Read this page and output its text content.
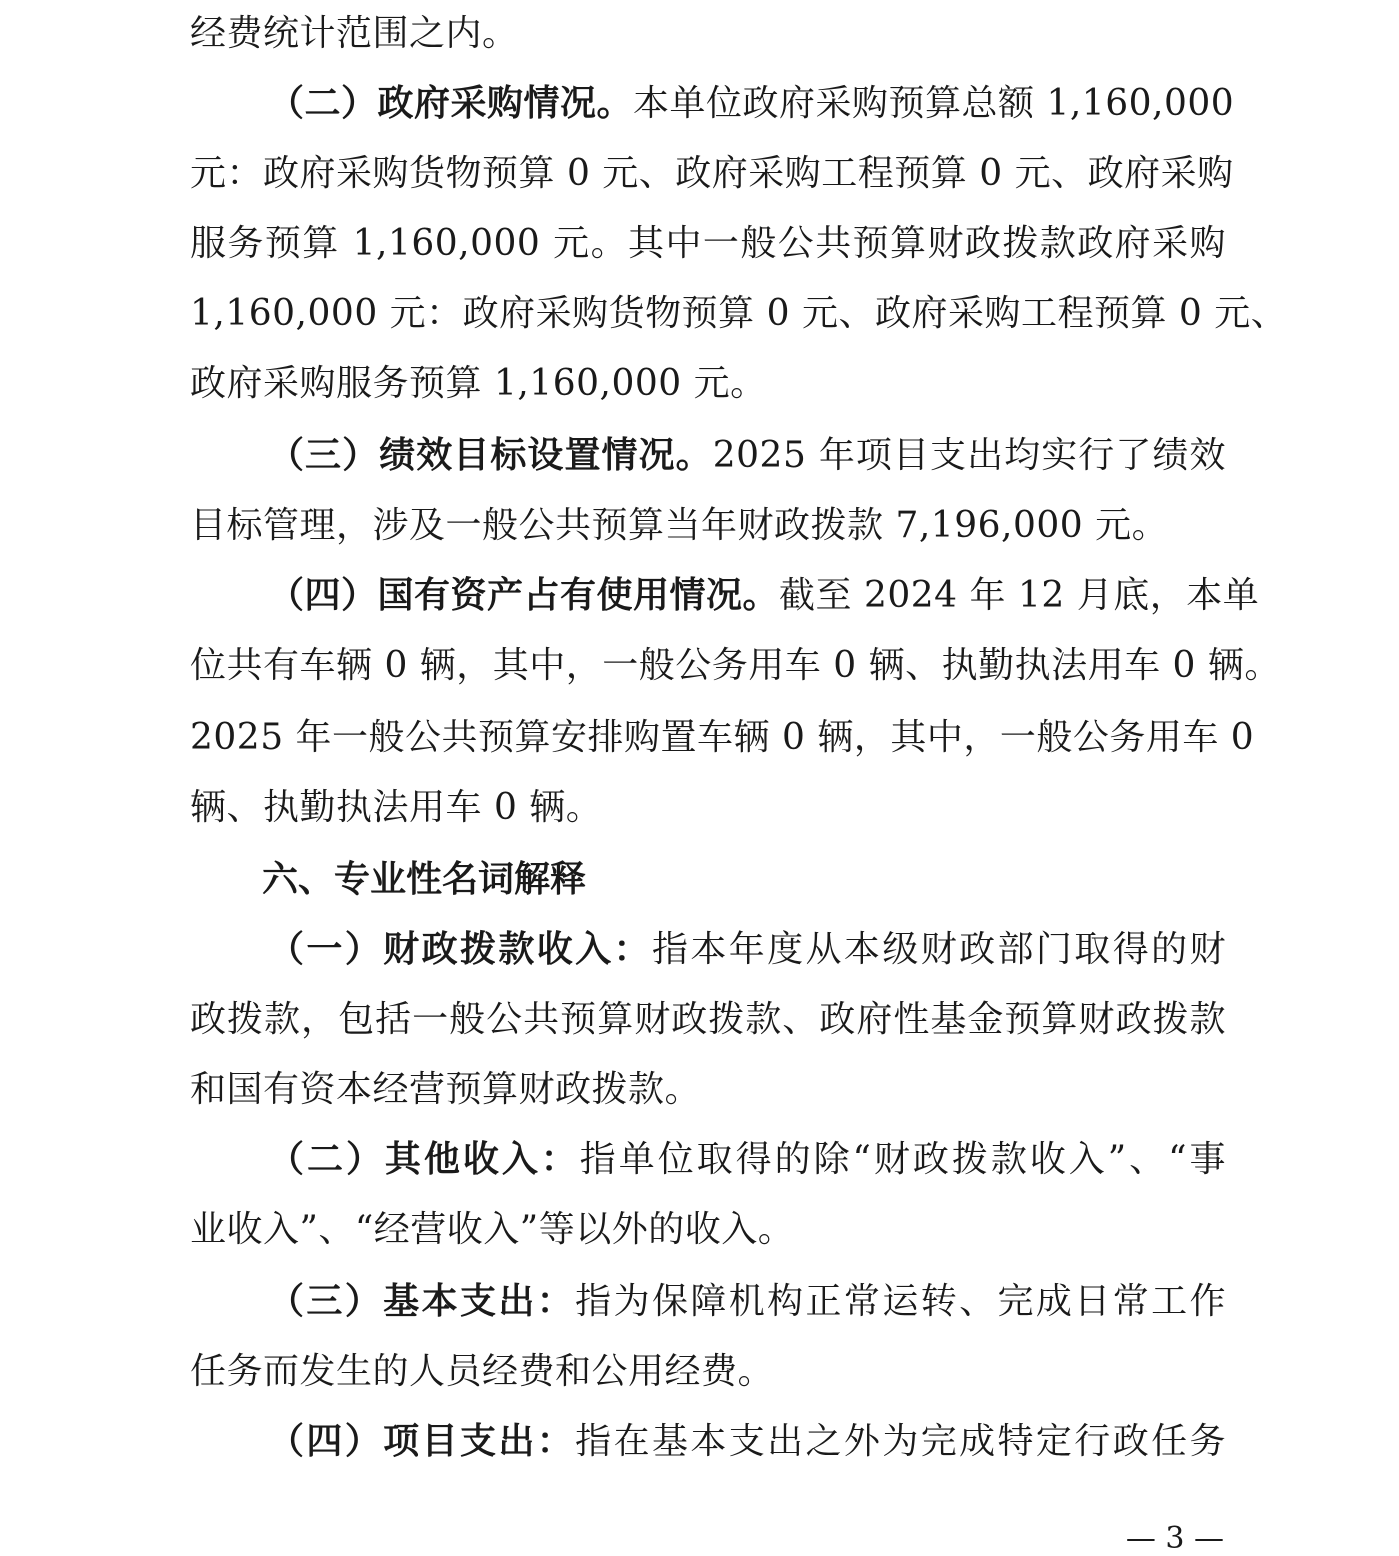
经费统计范围之内。
（二）政府采购情况。本单位政府采购预算总额 1,160,000
元：政府采购货物预算 0 元、政府采购工程预算 0 元、政府采购
服务预算 1,160,000 元。其中一般公共预算财政拨款政府采购
1,160,000 元：政府采购货物预算 0 元、政府采购工程预算 0 元、
政府采购服务预算 1,160,000 元。
（三）绩效目标设置情况。2025 年项目支出均实行了绩效
目标管理，涉及一般公共预算当年财政拨款 7,196,000 元。
（四）国有资产占有使用情况。截至 2024 年 12 月底，本单
位共有车辆 0 辆，其中，一般公务用车 0 辆、执勤执法用车 0 辆。
2025 年一般公共预算安排购置车辆 0 辆，其中，一般公务用车 0
辆、执勤执法用车 0 辆。
六、专业性名词解释
（一）财政拨款收入：指本年度从本级财政部门取得的财
政拨款，包括一般公共预算财政拨款、政府性基金预算财政拨款
和国有资本经营预算财政拨款。
（二）其他收入：指单位取得的除“财政拨款收入”、“事
业收入”、“经营收入”等以外的收入。
（三）基本支出：指为保障机构正常运转、完成日常工作
任务而发生的人员经费和公用经费。
（四）项目支出：指在基本支出之外为完成特定行政任务
— 3 —
